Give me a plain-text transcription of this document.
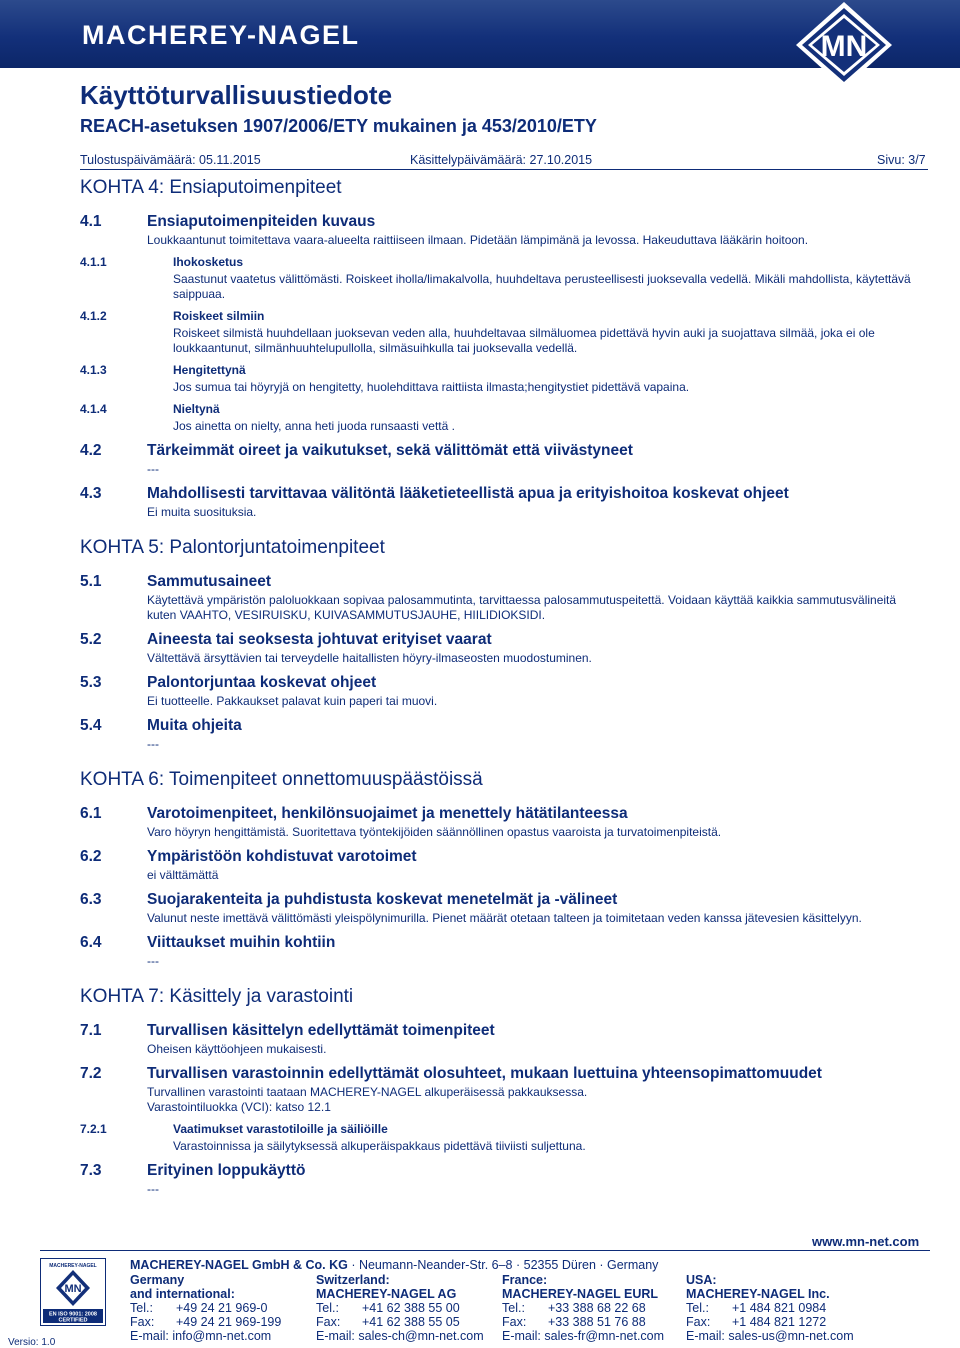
MACHEREY-NAGEL	MN
Käyttöturvallisuustiedote
REACH-asetuksen 1907/2006/ETY mukainen ja 453/2010/ETY
Tulostuspäivämäärä: 05.11.2015	Käsittelypäivämäärä: 27.10.2015	Sivu: 3/7
KOHTA 4: Ensiaputoimenpiteet
4.1	Ensiaputoimenpiteiden kuvaus
Loukkaantunut toimitettava vaara-alueelta raittiiseen ilmaan. Pidetään lämpimänä ja levossa. Hakeuduttava lääkärin hoitoon.
4.1.1	Ihokosketus
Saastunut vaatetus välittömästi. Roiskeet iholla/limakalvolla, huuhdeltava perusteellisesti juoksevalla vedellä. Mikäli mahdollista, käytettävä saippuaa.
4.1.2	Roiskeet silmiin
Roiskeet silmistä huuhdellaan juoksevan veden alla, huuhdeltavaa silmäluomea pidettävä hyvin auki ja suojattava silmää, joka ei ole loukkaantunut, silmänhuuhtelupullolla, silmäsuihkulla tai juoksevalla vedellä.
4.1.3	Hengitettynä
Jos sumua tai höyryjä on hengitetty, huolehdittava raittiista ilmasta;hengitystiet pidettävä vapaina.
4.1.4	Nieltynä
Jos ainetta on nielty, anna heti juoda runsaasti vettä .
4.2	Tärkeimmät oireet ja vaikutukset, sekä välittömät että viivästyneet
---
4.3	Mahdollisesti tarvittavaa välitöntä lääketieteellistä apua ja erityishoitoa koskevat ohjeet
Ei muita suosituksia.
KOHTA 5: Palontorjuntatoimenpiteet
5.1	Sammutusaineet
Käytettävä ympäristön paloluokkaan sopivaa palosammutinta, tarvittaessa palosammutuspeitettä. Voidaan käyttää kaikkia sammutusvälineitä kuten VAAHTO, VESIRUISKU, KUIVASAMMUTUSJAUHE, HIILIDIOKSIDI.
5.2	Aineesta tai seoksesta johtuvat erityiset vaarat
Vältettävä ärsyttävien tai terveydelle haitallisten höyry-ilmaseosten muodostuminen.
5.3	Palontorjuntaa koskevat ohjeet
Ei tuotteelle. Pakkaukset palavat kuin paperi tai muovi.
5.4	Muita ohjeita
---
KOHTA 6: Toimenpiteet onnettomuuspäästöissä
6.1	Varotoimenpiteet, henkilönsuojaimet ja menettely hätätilanteessa
Varo höyryn hengittämistä. Suoritettava työntekijöiden säännöllinen opastus vaaroista ja turvatoimenpiteistä.
6.2	Ympäristöön kohdistuvat varotoimet
ei välttämättä
6.3	Suojarakenteita ja puhdistusta koskevat menetelmät ja -välineet
Valunut neste imettävä välittömästi yleispölynimurilla. Pienet määrät otetaan talteen ja toimitetaan veden kanssa jätevesien käsittelyyn.
6.4	Viittaukset muihin kohtiin
---
KOHTA 7: Käsittely ja varastointi
7.1	Turvallisen käsittelyn edellyttämät toimenpiteet
Oheisen käyttöohjeen mukaisesti.
7.2	Turvallisen varastoinnin edellyttämät olosuhteet, mukaan luettuina yhteensopimattomuudet
Turvallinen varastointi taataan MACHEREY-NAGEL alkuperäisessä pakkauksessa.
Varastointiluokka (VCI): katso 12.1
7.2.1	Vaatimukset varastotiloille ja säiliöille
Varastoinnissa ja säilytyksessä alkuperäispakkaus pidettävä tiiviisti suljettuna.
7.3	Erityinen loppukäyttö
---
www.mn-net.com
MACHEREY-NAGEL
MN
EN ISO 9001: 2008
CERTIFIED
Versio: 1.0
MACHEREY-NAGEL GmbH & Co. KG · Neumann-Neander-Str. 6–8 · 52355 Düren · Germany
Germany
and international:
Tel.:	+49 24 21 969-0
Fax:	+49 24 21 969-199
E-mail: info@mn-net.com
Switzerland:
MACHEREY-NAGEL AG
Tel.:	+41 62 388 55 00
Fax:	+41 62 388 55 05
E-mail: sales-ch@mn-net.com
France:
MACHEREY-NAGEL EURL
Tel.:	+33 388 68 22 68
Fax:	+33 388 51 76 88
E-mail: sales-fr@mn-net.com
USA:
MACHEREY-NAGEL Inc.
Tel.:	+1 484 821 0984
Fax:	+1 484 821 1272
E-mail: sales-us@mn-net.com
